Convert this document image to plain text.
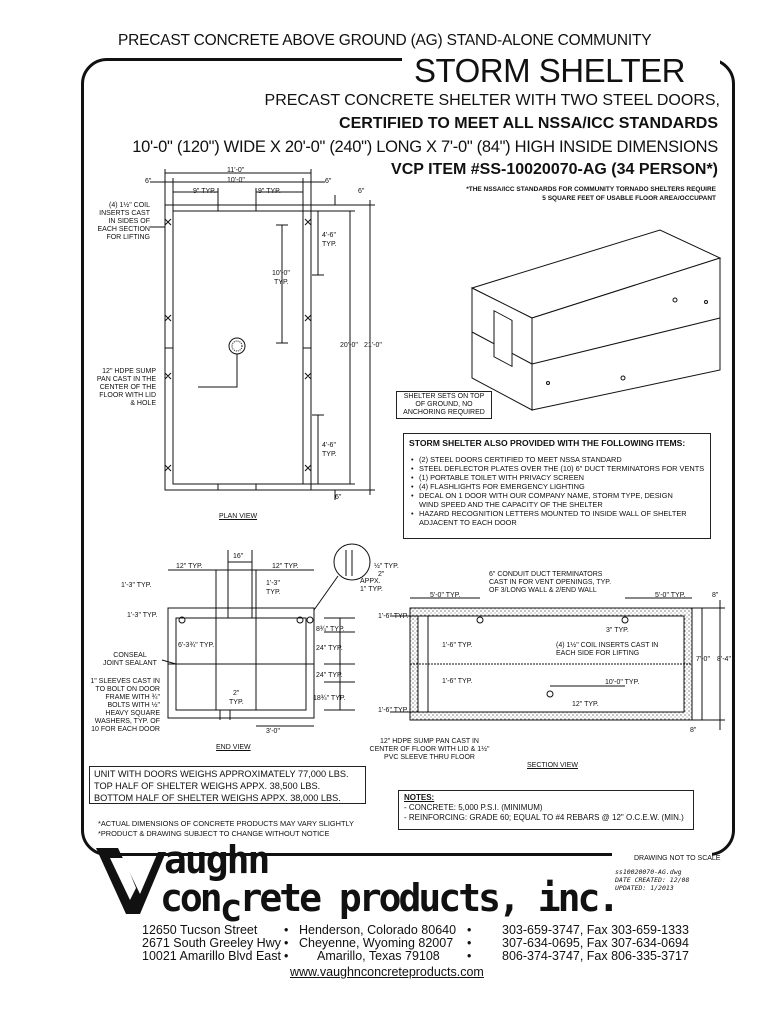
PRECAST CONCRETE ABOVE GROUND (AG) STAND-ALONE COMMUNITY
STORM SHELTER
PRECAST CONCRETE SHELTER WITH TWO STEEL DOORS,
CERTIFIED TO MEET ALL NSSA/ICC STANDARDS
10'-0" (120") WIDE X 20'-0" (240") LONG X 7'-0" (84") HIGH INSIDE DIMENSIONS
VCP ITEM #SS-10020070-AG (34 PERSON*)
*THE NSSA/ICC STANDARDS FOR COMMUNITY TORNADO SHELTERS REQUIRE
5 SQUARE FEET OF USABLE FLOOR AREA/OCCUPANT
11'-0"
10'-0"
6"	6"
9" TYP.	9" TYP.	6"
4'-6"
TYP.
10'-0"
TYP.
20'-0" 21'-0"
4'-6"
TYP.
6"
(4) 1½" COIL
INSERTS CAST
IN SIDES OF
EACH SECTION
FOR LIFTING
12" HDPE SUMP
PAN CAST IN THE
CENTER OF THE
FLOOR WITH LID
& HOLE
PLAN VIEW
SHELTER SETS ON TOP
OF GROUND, NO
ANCHORING REQUIRED
STORM SHELTER ALSO PROVIDED WITH THE FOLLOWING ITEMS:
• (2) STEEL DOORS CERTIFIED TO MEET NSSA STANDARD
• STEEL DEFLECTOR PLATES OVER THE (10) 6" DUCT TERMINATORS FOR VENTS
• (1) PORTABLE TOILET WITH PRIVACY SCREEN
• (4) FLASHLIGHTS FOR EMERGENCY LIGHTING
• DECAL ON 1 DOOR WITH OUR COMPANY NAME, STORM TYPE, DESIGN WIND SPEED AND THE CAPACITY OF THE SHELTER
• HAZARD RECOGNITION LETTERS MOUNTED TO INSIDE WALL OF SHELTER ADJACENT TO EACH DOOR
16"
12" TYP.	12" TYP.
1'-3" TYP.	1'-3"
TYP.
1'-3" TYP.
½" TYP.
2"
APPX.
1" TYP.
6'-3¾" TYP.
8¾" TYP.
24" TYP.
24" TYP.
18¾" TYP.
2"
TYP.
3'-0"
CONSEAL
JOINT SEALANT
1" SLEEVES CAST IN
TO BOLT ON DOOR
FRAME WITH ¾"
BOLTS WITH ½"
HEAVY SQUARE
WASHERS, TYP. OF
10 FOR EACH DOOR
END VIEW
6" CONDUIT DUCT TERMINATORS
CAST IN FOR VENT OPENINGS, TYP.
OF 3/LONG WALL & 2/END WALL
5'-0" TYP.	5'-0" TYP.	8"
1'-6" TYP.
3" TYP.
1'-6" TYP.	(4) 1½" COIL INSERTS CAST IN
EACH SIDE FOR LIFTING
7'-0" 8'-4"
1'-6" TYP.	10'-0" TYP.
12" TYP.
1'-6" TYP.
8"
12" HDPE SUMP PAN CAST IN
CENTER OF FLOOR WITH LID & 1½"
PVC SLEEVE THRU FLOOR
SECTION VIEW
UNIT WITH DOORS WEIGHS APPROXIMATELY 77,000 LBS.
TOP HALF OF SHELTER WEIGHS APPX. 38,500 LBS.
BOTTOM HALF OF SHELTER WEIGHS APPX. 38,000 LBS.	NOTES:
- CONCRETE: 5,000 P.S.I. (MINIMUM)
- REINFORCING: GRADE 60; EQUAL TO #4 REBARS @ 12" O.C.E.W. (MIN.)
*ACTUAL DIMENSIONS OF CONCRETE PRODUCTS MAY VARY SLIGHTLY
*PRODUCT & DRAWING SUBJECT TO CHANGE WITHOUT NOTICE
DRAWING NOT TO SCALE
ss10020070-AG.dwg
DATE CREATED: 12/08
UPDATED: 1/2013
aughn
concrete products, inc.
12650 Tucson Street • Henderson, Colorado 80640 • 303-659-3747, Fax 303-659-1333
2671 South Greeley Hwy • Cheyenne, Wyoming 82007 • 307-634-0695, Fax 307-634-0694
10021 Amarillo Blvd East • Amarillo, Texas 79108 • 806-374-3747, Fax 806-335-3717
www.vaughnconcreteproducts.com
